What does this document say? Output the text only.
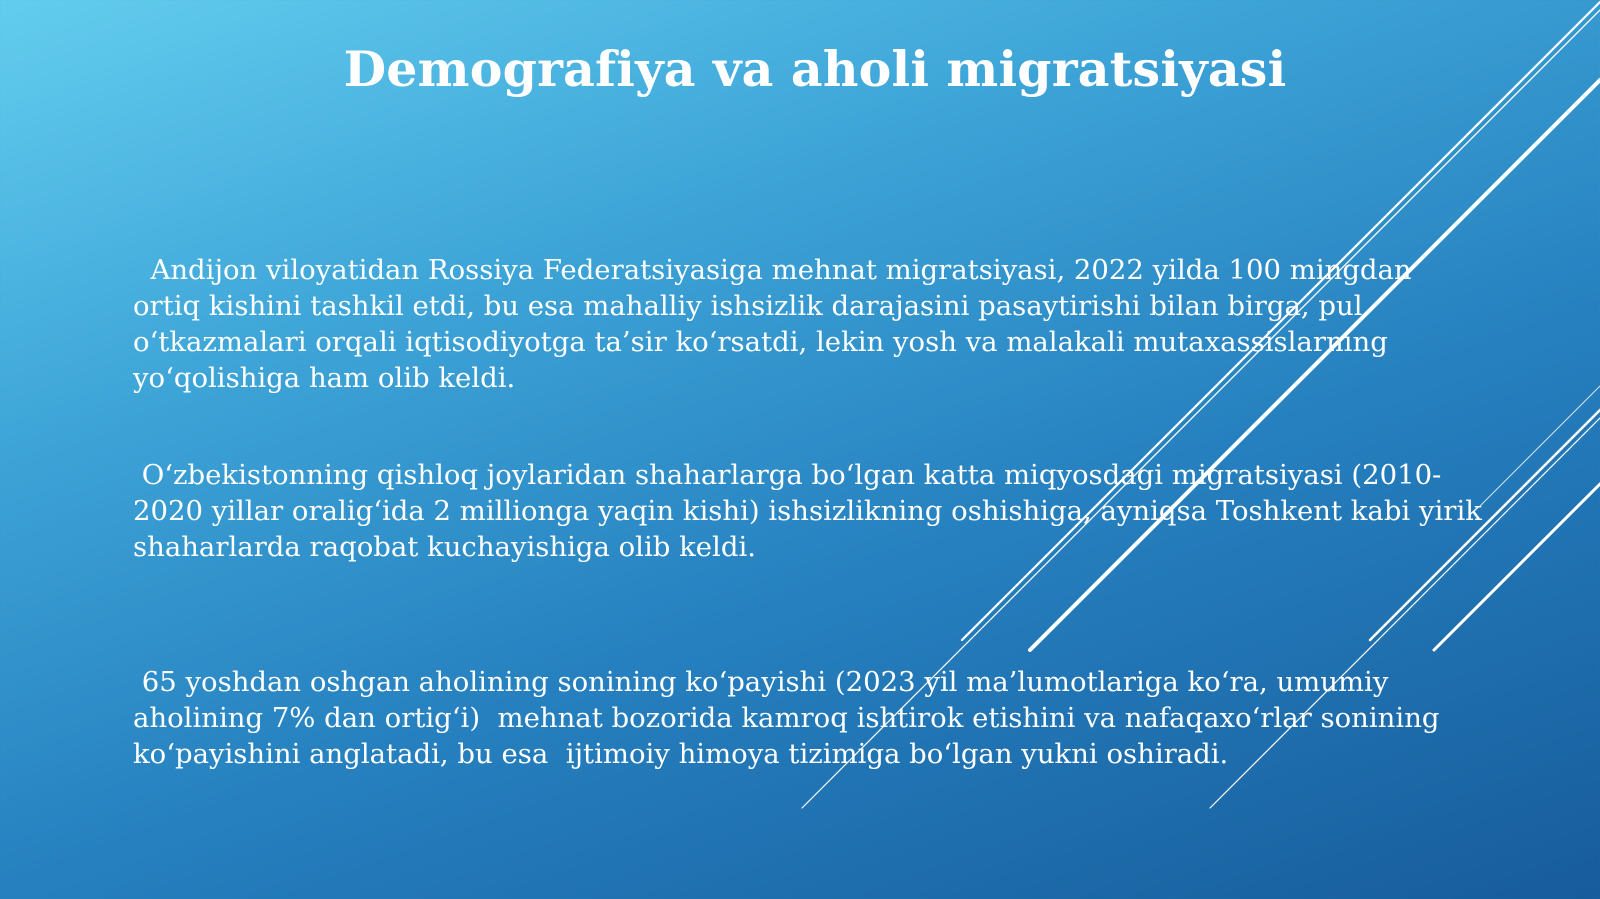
Demografiya va aholi migratsiyasi

Andijon viloyatidan Rossiya Federatsiyasiga mehnat migratsiyasi, 2022 yilda 100 mingdan ortiq kishini tashkil etdi, bu esa mahalliy ishsizlik darajasini pasaytirishi bilan birga, pul o‘tkazmalari orqali iqtisodiyotga ta’sir ko‘rsatdi, lekin yosh va malakali mutaxassislarning yo‘qolishiga ham olib keldi.

O‘zbekistonning qishloq joylaridan shaharlarga bo‘lgan katta miqyosdagi migratsiyasi (2010-2020 yillar oralig‘ida 2 millionga yaqin kishi) ishsizlikning oshishiga, ayniqsa Toshkent kabi yirik shaharlarda raqobat kuchayishiga olib keldi.

65 yoshdan oshgan aholining sonining ko‘payishi (2023 yil ma’lumotlariga ko‘ra, umumiy aholining 7% dan ortig‘i)  mehnat bozorida kamroq ishtirok etishini va nafaqaxo‘rlar sonining ko‘payishini anglatadi, bu esa  ijtimoiy himoya tizimiga bo‘lgan yukni oshiradi.
